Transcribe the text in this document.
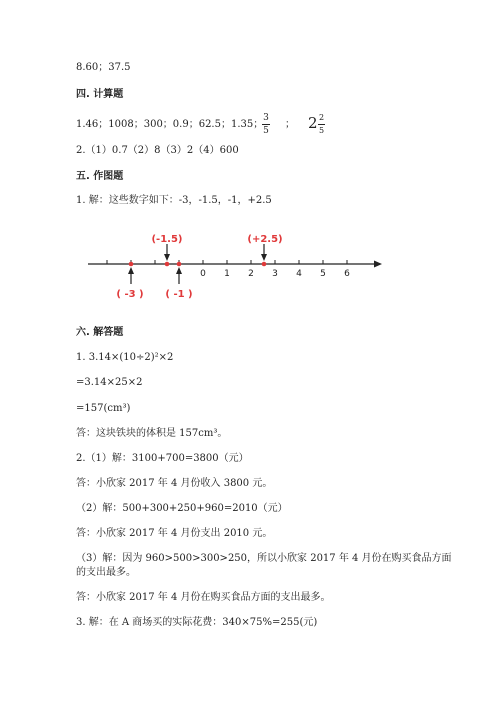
8.60；37.5
四. 计算题
1.46；1008；300；0.9；62.5；1.35；
3
5
； 2 2
5
2.（1）0.7（2）8（3）2（4）600
五. 作图题
1. 解：这些数字如下：-3，-1.5，-1，+2.5
0 1 2 3 4 5 6
(-1.5)	(+2.5)
( -3 ) ( -1 )
六. 解答题
1. 3.14×(10÷2)²×2
=3.14×25×2
=157(cm³)
答：这块铁块的体积是 157cm³。
2.（1）解：3100+700=3800（元）
答：小欣家 2017 年 4 月份收入 3800 元。
（2）解：500+300+250+960=2010（元）
答：小欣家 2017 年 4 月份支出 2010 元。
（3）解：因为 960>500>300>250，所以小欣家 2017 年 4 月份在购买食品方面
的支出最多。
答：小欣家 2017 年 4 月份在购买食品方面的支出最多。
3. 解：在 A 商场买的实际花费：340×75%=255(元)
